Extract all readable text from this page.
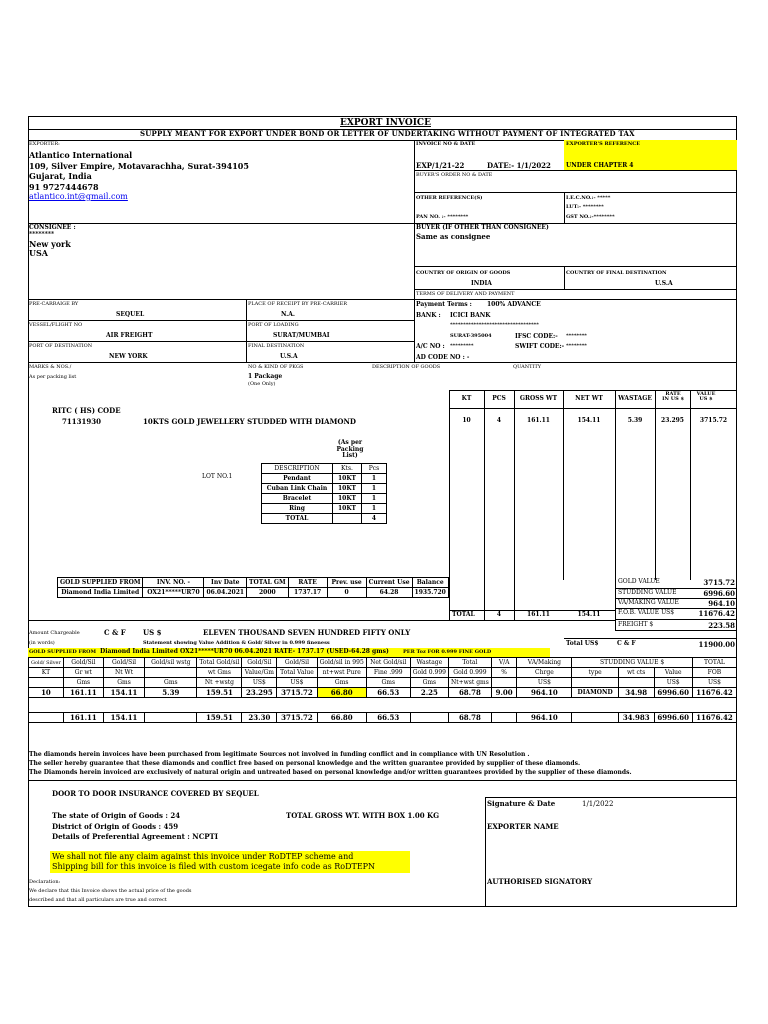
EXPORT INVOICE
SUPPLY MEANT FOR EXPORT UNDER BOND OR LETTER OF UNDERTAKING WITHOUT PAYMENT OF INTEGRATED TAX
EXPORTER:
Atlantico International
109, Silver Empire, Motavarachha, Surat-394105
Gujarat, India
91 9727444678
atlantico.int@gmail.com
INVOICE NO & DATE	EXPORTER'S REFERENCE
EXP/1/21-22	DATE:- 1/1/2022	UNDER CHAPTER 4
BUYER'S ORDER NO & DATE
OTHER REFERENCE(S)	I.E.C.NO.:- *****
LUT:- ********
PAN NO. :- ********	GST NO.:-********
CONSIGNEE :
********
New york
USA
BUYER (IF OTHER THAN CONSIGNEE)
Same as consignee
COUNTRY OF ORIGIN OF GOODS	COUNTRY OF FINAL DESTINATION
INDIA	U.S.A
PRE-CARRAIGE BY
SEQUEL
PLACE OF RECEIPT BY PRE-CARRIER
N.A.
VESSEL/FLIGHT NO
AIR FREIGHT
PORT OF LOADING
SURAT/MUMBAI
PORT OF DESTINATION
NEW YORK
FINAL DESTINATION
U.S.A
TERMS OF DELIVERY AND PAYMENT
Payment Terms :	100% ADVANCE
BANK : ICICI BANK
**********************************
SURAT-395004	IFSC CODE:- ********
A/C NO : *********	SWIFT CODE:- ********
AD CODE NO : -
MARKS & NOS./
As per packing list
NO & KIND OF PKGS
1 Package
(One Only)
DESCRIPTION OF GOODS	QUANTITY
KT	PCS	GROSS WT	NET WT	WASTAGE
RATE IN US $
VALUE US $
RITC ( HS) CODE
71131930	10KTS GOLD JEWELLERY STUDDED WITH DIAMOND	10	4	161.11	154.11	5.39	23.295	3715.72
(As per Packing List)
LOT NO.1
DESCRIPTION	Kts.	Pcs
Pendant	10KT	1
Cuban Link Chain	10KT	1
Bracelet	10KT	1
Ring	10KT	1
TOTAL		4
GOLD SUPPLIED FROM	INV. NO. -	Inv Date	TOTAL GM	RATE	Prev. use	Current Use	Balance
Diamond India Limited	OX21*****UR70	06.04.2021	2000	1737.17	0	64.28	1935.720
GOLD VALUE	3715.72
STUDDING VALUE	6996.60
VA/MAKING VALUE	964.10
F.O.B. VALUE US$	11676.42
FREIGHT $	223.58
TOTAL	4	161.11	154.11
Amount Chargeable	C & F US $	ELEVEN THOUSAND SEVEN HUNDRED FIFTY ONLY
(in words)	Statement showing Value Addition & Gold/ Silver in 0.999 fineness	Total US$	C & F	11900.00
GOLD SUPPLIED FROM Diamond India Limited OX21*****UR70 06.04.2021 RATE- 1737.17 (USED-64.28 gms)	PER Toz FOR 0.999 FINE GOLD
Gold/ Silver	Gold/Sil	Gold/Sil	Gold/sil wstg	Total Gold/sil	Gold/Sil	Gold/Sil	Gold/sil in 995	Net Gold/sil	Wastage	Total	V/A	VA/Making	STUDDING VALUE $			TOTAL
KT	Gr wt	Nt Wt		wt Gms	Value/Gm	Total Value	nt+wst Pure	Fine .999	Gold 0.999	Gold 0.999	%	Chrge	type	wt cts	Value	FOB
	Gms	Gms	Gms	Nt +wstg	US$	US$	Gms	Gms	Gms	Nt+wst gms		US$			US$	US$
10	161.11	154.11	5.39	159.51	23.295	3715.72	66.80	66.53	2.25	68.78	9.00	964.10	DIAMOND	34.98	6996.60	11676.42

	161.11	154.11		159.51	23.30	3715.72	66.80	66.53		68.78		964.10		34.983	6996.60	11676.42
The diamonds herein invoices have been purchased from legitimate Sources not involved in funding conflict and in compliance with UN Resolution .
The seller hereby guarantee that these diamonds and conflict free based on personal knowledge and the written guarantee provided by supplier of these diamonds.
The Diamonds herein invoiced are exclusively of natural origin and untreated based on personal knowledge and/or written guarantees provided by the supplier of these diamonds.
DOOR TO DOOR INSURANCE COVERED BY SEQUEL
The state of Origin of Goods : 24
District of Origin of Goods : 459
Details of Preferential Agreement : NCPTI
TOTAL GROSS WT. WITH BOX 1.00 KG
We shall not file any claim against this invoice under RoDTEP scheme and
Shipping bill for this invoice is filed with custom icegate info code as RoDTEPN
Declaration:
We declare that this Invoice shows the actual price of the goods
described and that all particulars are true and correct
Signature & Date	1/1/2022
EXPORTER NAME
AUTHORISED SIGNATORY
